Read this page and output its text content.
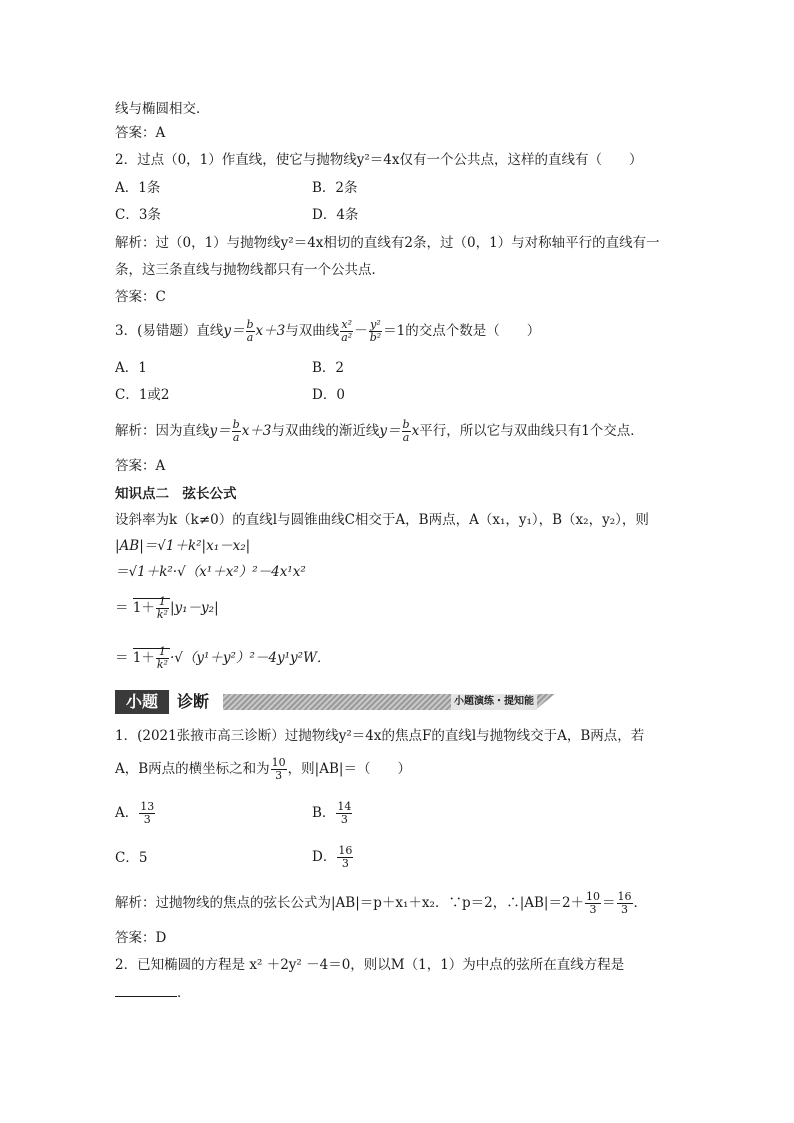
线与椭圆相交．
答案：A
2．过点（0，1）作直线，使它与抛物线y²＝4x仅有一个公共点，这样的直线有（　　）
A．1条	B．2条
C．3条	D．4条
解析：过（0，1）与抛物线y²＝4x相切的直线有2条，过（0，1）与对称轴平行的直线有一
条，这三条直线与抛物线都只有一个公共点．
答案：C
3．(易错题）直线$y= \frac{b}{a} x+3$与双曲线 $\frac{\text{x²}}{\text{a²}} - \frac{\text{y²}}{\text{b²}} =1$的交点个数是（　　）
A．1	B．2
C．1或2	D．0
解析：因为直线$y= \frac{b}{a} x+3$与双曲线的渐近线$y= \frac{b}{a}$ x平行，所以它与双曲线只有1个交点．
答案：A
知识点二　弦长公式
设斜率为k（k≠0）的直线l与圆锥曲线C相交于A，B两点，A（x₁，y₁），B（x₂，y₂），则
|AB|＝√1＋k²|x₁－x₂|
＝√1＋k²·√（x¹＋x²）²－4x¹x²
＝ $1+ \frac{1}{\text{k²}} |y_1-y_2|$
＝ $1+ \frac{1}{\text{k²}} \cdot√(y^1+y^2)^2-4y^1y^2W$．
小题	诊断	小题演练・提知能
1．(2021张掖市高三诊断）过抛物线y²＝4x的焦点F的直线l与抛物线交于A，B两点，若
A，B两点的横坐标之和为 $\frac{10}{3}$ ，则|AB|＝（　　）
A． $\frac{13}{3}$	B． $\frac{14}{3}$
C．5	D． $\frac{16}{3}$
解析：过抛物线的焦点的弦长公式为|AB|＝p＋x₁＋x₂．∵p＝2，∴|AB|＝2＋ $\frac{10}{3} = \frac{16}{3}$ ．
答案：D
2．已知椭圆的方程是 x² ＋2y² －4＝0，则以M（1，1）为中点的弦所在直线方程是
．
